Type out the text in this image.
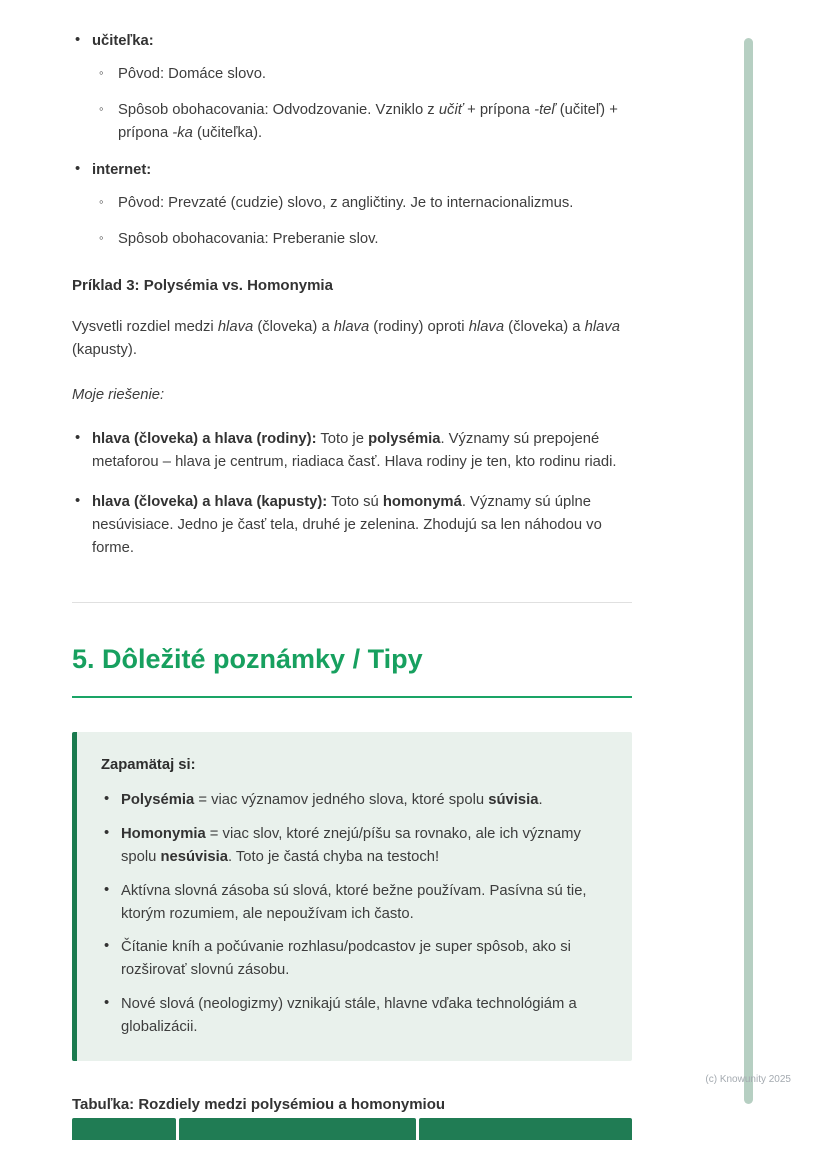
(c) Knowunity 2025
• učiteľka:
◦ Pôvod: Domáce slovo.
◦ Spôsob obohacovania: Odvodzovanie. Vzniklo z učiť + prípona -teľ (učiteľ) + prípona -ka (učiteľka).
• internet:
◦ Pôvod: Prevzaté (cudzie) slovo, z angličtiny. Je to internacionalizmus.
◦ Spôsob obohacovania: Preberanie slov.
Príklad 3: Polysémia vs. Homonymia

Vysvetli rozdiel medzi hlava (človeka) a hlava (rodiny) oproti hlava (človeka) a hlava (kapusty).

Moje riešenie:

• hlava (človeka) a hlava (rodiny): Toto je polysémia. Významy sú prepojené metaforou – hlava je centrum, riadiaca časť. Hlava rodiny je ten, kto rodinu riadi.
• hlava (človeka) a hlava (kapusty): Toto sú homonymá. Významy sú úplne nesúvisiace. Jedno je časť tela, druhé je zelenina. Zhodujú sa len náhodou vo forme.
5. Dôležité poznámky / Tipy

Zapamätaj si:

• Polysémia = viac významov jedného slova, ktoré spolu súvisia.
• Homonymia = viac slov, ktoré znejú/píšu sa rovnako, ale ich významy spolu nesúvisia. Toto je častá chyba na testoch!
• Aktívna slovná zásoba sú slová, ktoré bežne používam. Pasívna sú tie, ktorým rozumiem, ale nepoužívam ich často.
• Čítanie kníh a počúvanie rozhlasu/podcastov je super spôsob, ako si rozširovať slovnú zásobu.
• Nové slová (neologizmy) vznikajú stále, hlavne vďaka technológiám a globalizácii.
Tabuľka: Rozdiely medzi polysémiou a homonymiou
